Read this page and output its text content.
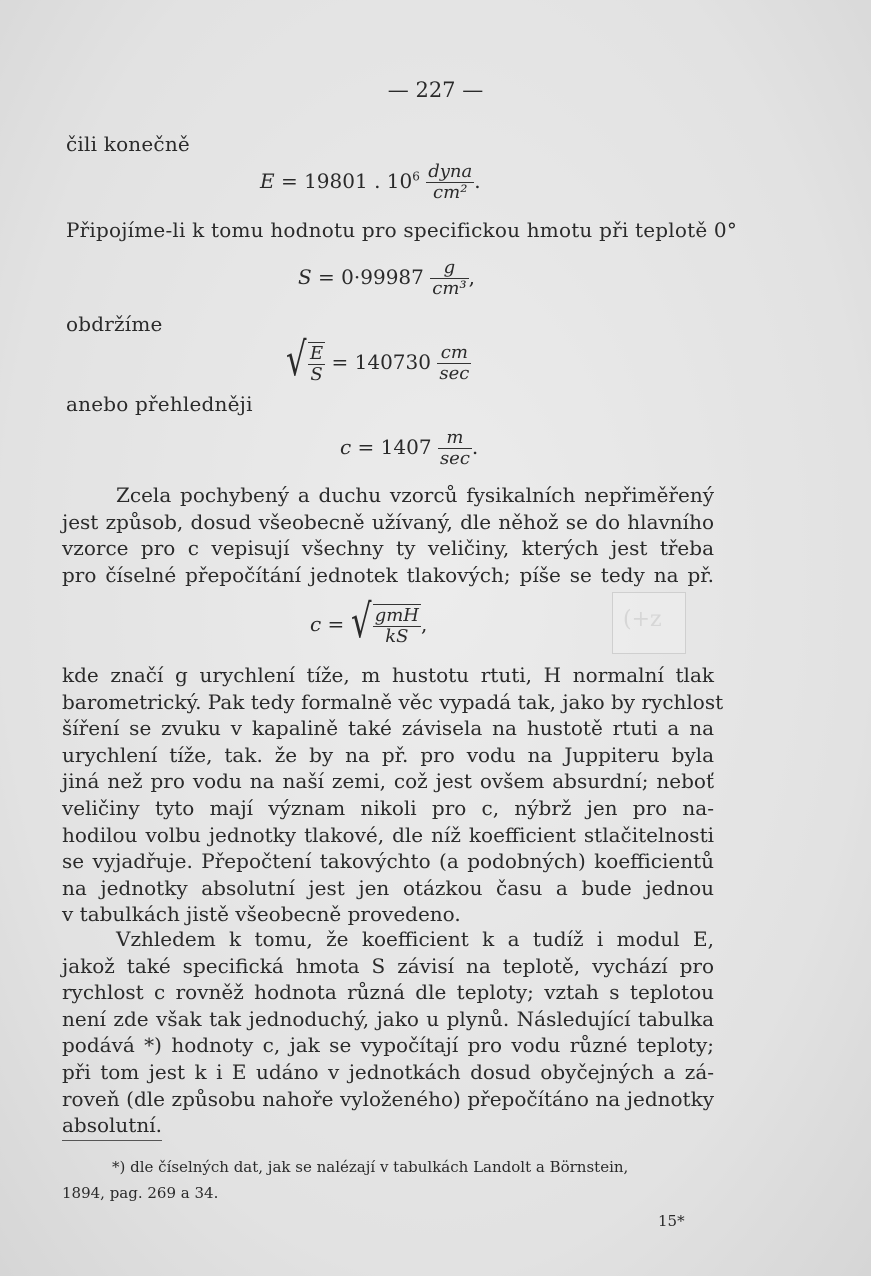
— 227 —
čili konečně
E = 19801 . $10^6 \frac{\text{dyna}}{\text{cm²}}$ .
Připojíme-li k tomu hodnotu pro specifickou hmotu při teplotě 0°
$S = 0\cdot 99987 \frac{g}{\text{cm³}}$ ,
obdržíme
√ $\frac{E}{S} = 140730 \frac{cm}{\sec}$
anebo přehledněji
$c = 1407 \frac{m}{\sec}$ .
Zcela pochybený a duchu vzorců fysikalních nepřiměřený
jest způsob, dosud všeobecně užívaný, dle něhož se do hlavního
vzorce pro c vepisují všechny ty veličiny, kterých jest třeba
pro číselné přepočítání jednotek tlakových; píše se tedy na př.
c = √ $\frac{\text{gmH}}{kS}$ ,	(+z
kde značí g urychlení tíže, m hustotu rtuti, H normalní tlak
barometrický. Pak tedy formalně věc vypadá tak, jako by rychlost
šíření se zvuku v kapalině také závisela na hustotě rtuti a na
urychlení tíže, tak. že by na př. pro vodu na Juppiteru byla
jiná než pro vodu na naší zemi, což jest ovšem absurdní; neboť
veličiny tyto mají význam nikoli pro c, nýbrž jen pro na-
hodilou volbu jednotky tlakové, dle níž koefficient stlačitelnosti
se vyjadřuje. Přepočtení takovýchto (a podobných) koefficientů
na jednotky absolutní jest jen otázkou času a bude jednou
v tabulkách jistě všeobecně provedeno.
Vzhledem k tomu, že koefficient k a tudíž i modul E,
jakož také specifická hmota S závisí na teplotě, vychází pro
rychlost c rovněž hodnota různá dle teploty; vztah s teplotou
není zde však tak jednoduchý, jako u plynů. Následující tabulka
podává *) hodnoty c, jak se vypočítají pro vodu různé teploty;
při tom jest k i E udáno v jednotkách dosud obyčejných a zá-
roveň (dle způsobu nahoře vyloženého) přepočítáno na jednotky
absolutní.
*) dle číselných dat, jak se nalézají v tabulkách Landolt a Börnstein,
1894, pag. 269 a 34.
15*
